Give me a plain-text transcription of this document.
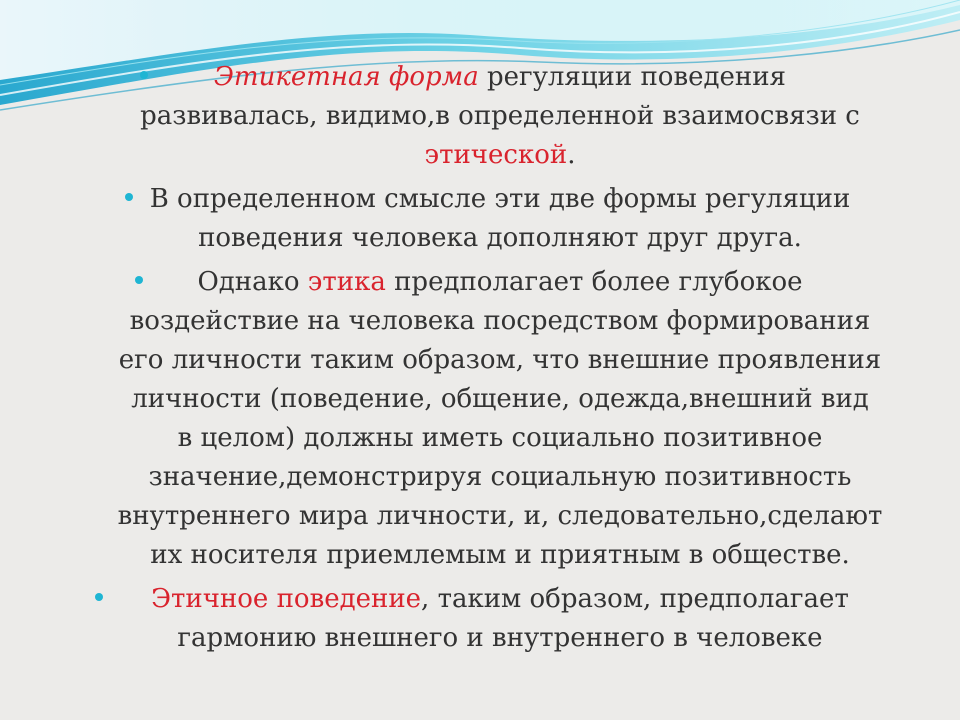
Этикетная форма регуляции поведения
развивалась, видимо,в определенной взаимосвязи с
этической.
В определенном смысле эти две формы регуляции
поведения человека дополняют друг друга.
Однако этика предполагает более глубокое
воздействие на человека посредством формирования
его личности таким образом, что внешние проявления
личности (поведение, общение, одежда,внешний вид
в целом) должны иметь социально позитивное
значение,демонстрируя социальную позитивность
внутреннего мира личности, и, следовательно,сделают
их носителя приемлемым и приятным в обществе.
Этичное поведение, таким образом, предполагает
гармонию внешнего и внутреннего в человеке
